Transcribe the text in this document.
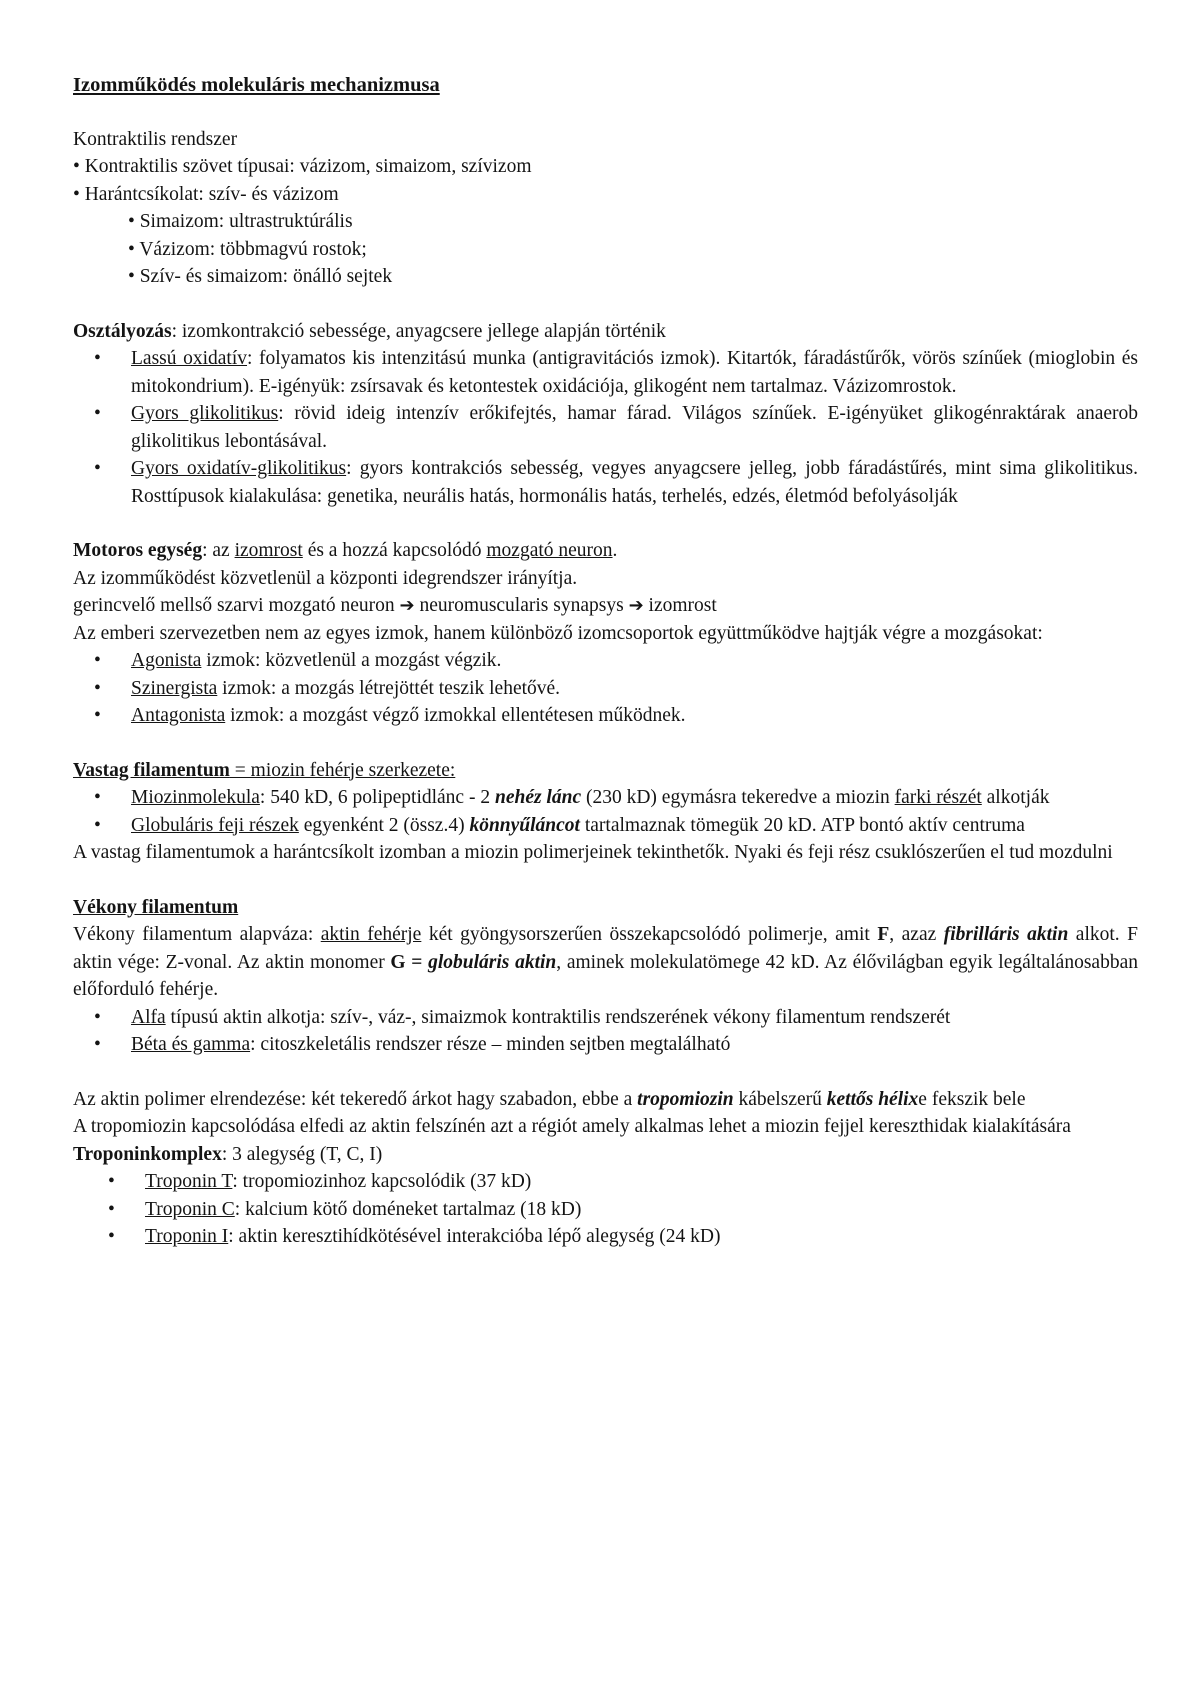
Izomműködés molekuláris mechanizmusa

Kontraktilis rendszer

• Kontraktilis szövet típusai: vázizom, simaizom, szívizom

• Harántcsíkolat: szív- és vázizom

• Simaizom: ultrastruktúrális

• Vázizom: többmagvú rostok;

• Szív- és simaizom: önálló sejtek

Osztályozás: izomkontrakció sebessége, anyagcsere jellege alapján történik

• Lassú oxidatív: folyamatos kis intenzitású munka (antigravitációs izmok). Kitartók, fáradástűrők, vörös színűek (mioglobin és mitokondrium). E-igényük: zsírsavak és ketontestek oxidációja, glikogént nem tartalmaz. Vázizomrostok.
• Gyors glikolitikus: rövid ideig intenzív erőkifejtés, hamar fárad. Világos színűek. E-igényüket glikogénraktárak anaerob glikolitikus lebontásával.
• Gyors oxidatív-glikolitikus: gyors kontrakciós sebesség, vegyes anyagcsere jelleg, jobb fáradástűrés, mint sima glikolitikus. Rosttípusok kialakulása: genetika, neurális hatás, hormonális hatás, terhelés, edzés, életmód befolyásolják

Motoros egység: az izomrost és a hozzá kapcsolódó mozgató neuron.

Az izomműködést közvetlenül a központi idegrendszer irányítja.

gerincvelő mellső szarvi mozgató neuron ➔ neuromuscularis synapsys ➔ izomrost

Az emberi szervezetben nem az egyes izmok, hanem különböző izomcsoportok együttműködve hajtják végre a mozgásokat:

• Agonista izmok: közvetlenül a mozgást végzik.
• Szinergista izmok: a mozgás létrejöttét teszik lehetővé.
• Antagonista izmok: a mozgást végző izmokkal ellentétesen működnek.

Vastag filamentum = miozin fehérje szerkezete:

• Miozinmolekula: 540 kD, 6 polipeptidlánc - 2 nehéz lánc (230 kD) egymásra tekeredve a miozin farki részét alkotják
• Globuláris feji részek egyenként 2 (össz.4) könnyűláncot tartalmaznak tömegük 20 kD. ATP bontó aktív centruma

A vastag filamentumok a harántcsíkolt izomban a miozin polimerjeinek tekinthetők. Nyaki és feji rész csuklószerűen el tud mozdulni

Vékony filamentum

Vékony filamentum alapváza: aktin fehérje két gyöngysorszerűen összekapcsolódó polimerje, amit F, azaz fibrilláris aktin alkot. F aktin vége: Z-vonal. Az aktin monomer G = globuláris aktin, aminek molekulatömege 42 kD. Az élővilágban egyik legáltalánosabban előforduló fehérje.

• Alfa típusú aktin alkotja: szív-, váz-, simaizmok kontraktilis rendszerének vékony filamentum rendszerét
• Béta és gamma: citoszkeletális rendszer része – minden sejtben megtalálható

Az aktin polimer elrendezése: két tekeredő árkot hagy szabadon, ebbe a tropomiozin kábelszerű kettős hélixe fekszik bele

A tropomiozin kapcsolódása elfedi az aktin felszínén azt a régiót amely alkalmas lehet a miozin fejjel kereszthidak kialakítására

Troponinkomplex: 3 alegység (T, C, I)

• Troponin T: tropomiozinhoz kapcsolódik (37 kD)
• Troponin C: kalcium kötő doméneket tartalmaz (18 kD)
• Troponin I: aktin keresztihídkötésével interakcióba lépő alegység (24 kD)
